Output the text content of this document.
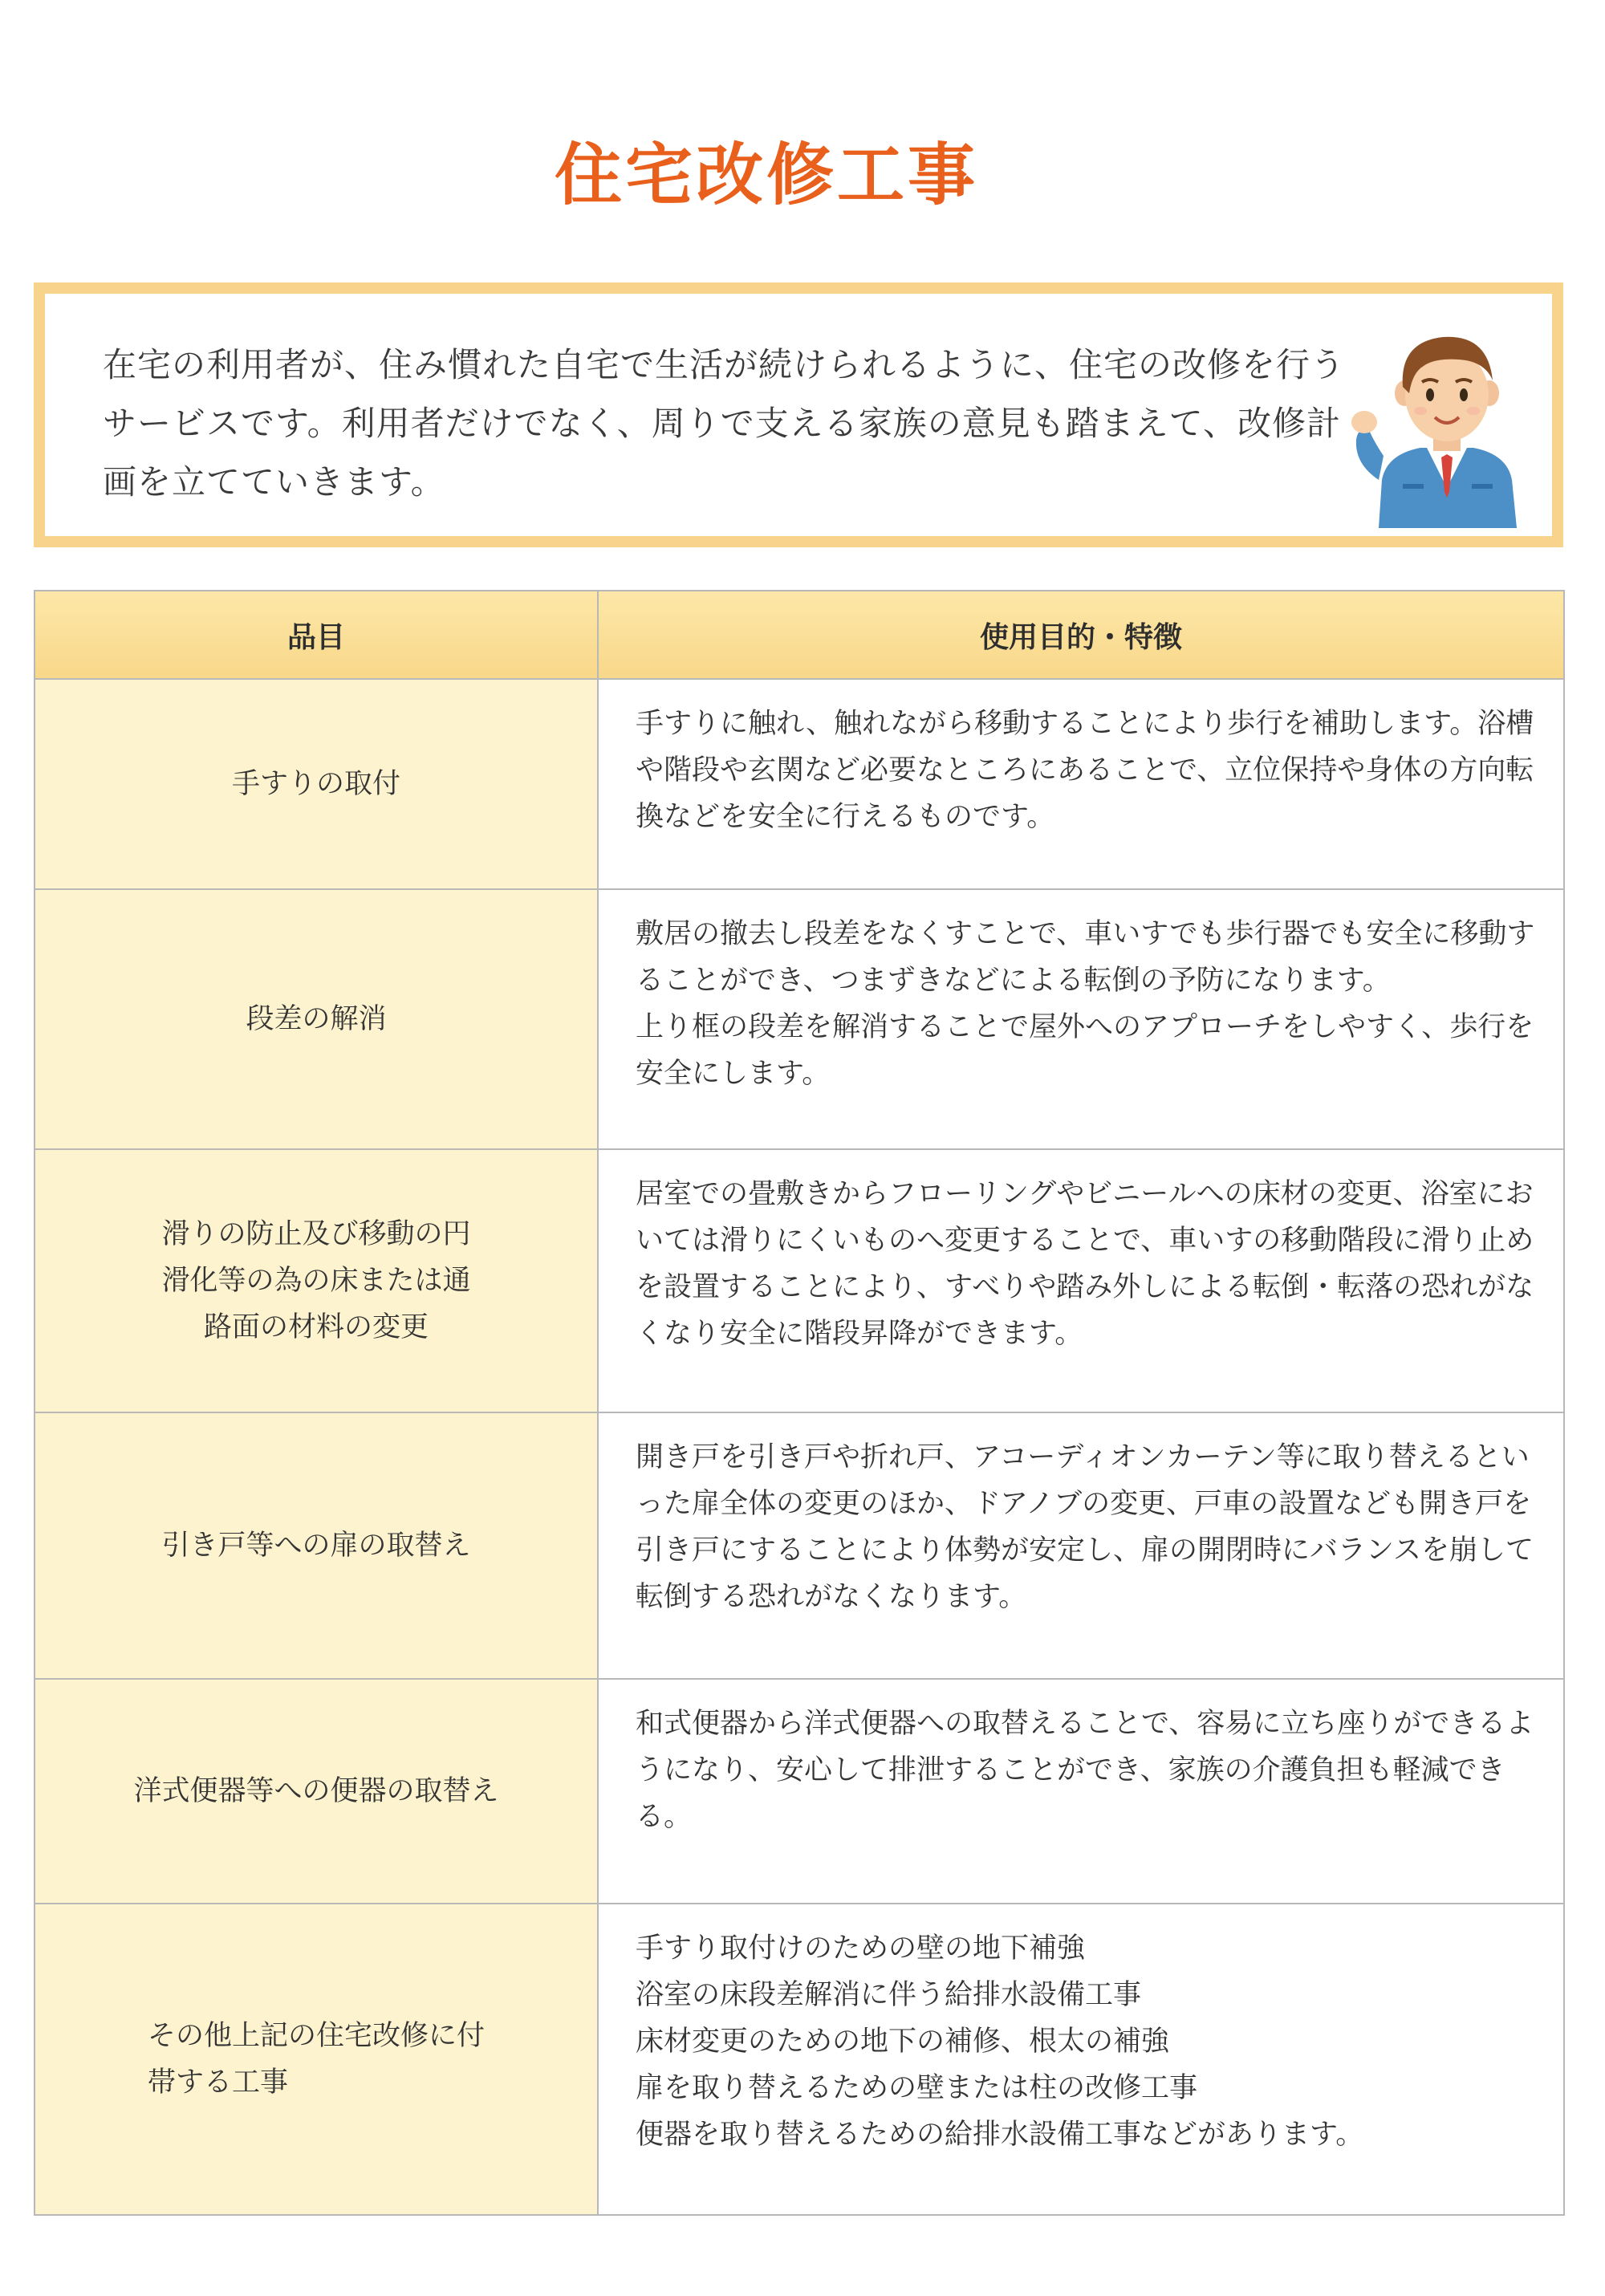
住宅改修工事
在宅の利用者が、住み慣れた自宅で生活が続けられるように、住宅の改修を行うサービスです。利用者だけでなく、周りで支える家族の意見も踏まえて、改修計画を立てていきます。
品目	使用目的・特徴
手すりの取付	手すりに触れ、触れながら移動することにより歩行を補助します。浴槽や階段や玄関など必要なところにあることで、立位保持や身体の方向転換などを安全に行えるものです。

段差の解消	敷居の撤去し段差をなくすことで、車いすでも歩行器でも安全に移動することができ、つまずきなどによる転倒の予防になります。

上り框の段差を解消することで屋外へのアプローチをしやすく、歩行を安全にします。

滑りの防止及び移動の円滑化等の為の床または通路面の材料の変更	居室での畳敷きからフローリングやビニールへの床材の変更、浴室においては滑りにくいものへ変更することで、車いすの移動階段に滑り止めを設置することにより、すべりや踏み外しによる転倒・転落の恐れがなくなり安全に階段昇降ができます。

引き戸等への扉の取替え	開き戸を引き戸や折れ戸、アコーディオンカーテン等に取り替えるといった扉全体の変更のほか、ドアノブの変更、戸車の設置なども開き戸を引き戸にすることにより体勢が安定し、扉の開閉時にバランスを崩して転倒する恐れがなくなります。

洋式便器等への便器の取替え	和式便器から洋式便器への取替えることで、容易に立ち座りができるようになり、安心して排泄することができ、家族の介護負担も軽減できる。

その他上記の住宅改修に付帯する工事	手すり取付けのための壁の地下補強

浴室の床段差解消に伴う給排水設備工事

床材変更のための地下の補修、根太の補強

扉を取り替えるための壁または柱の改修工事

便器を取り替えるための給排水設備工事などがあります。
